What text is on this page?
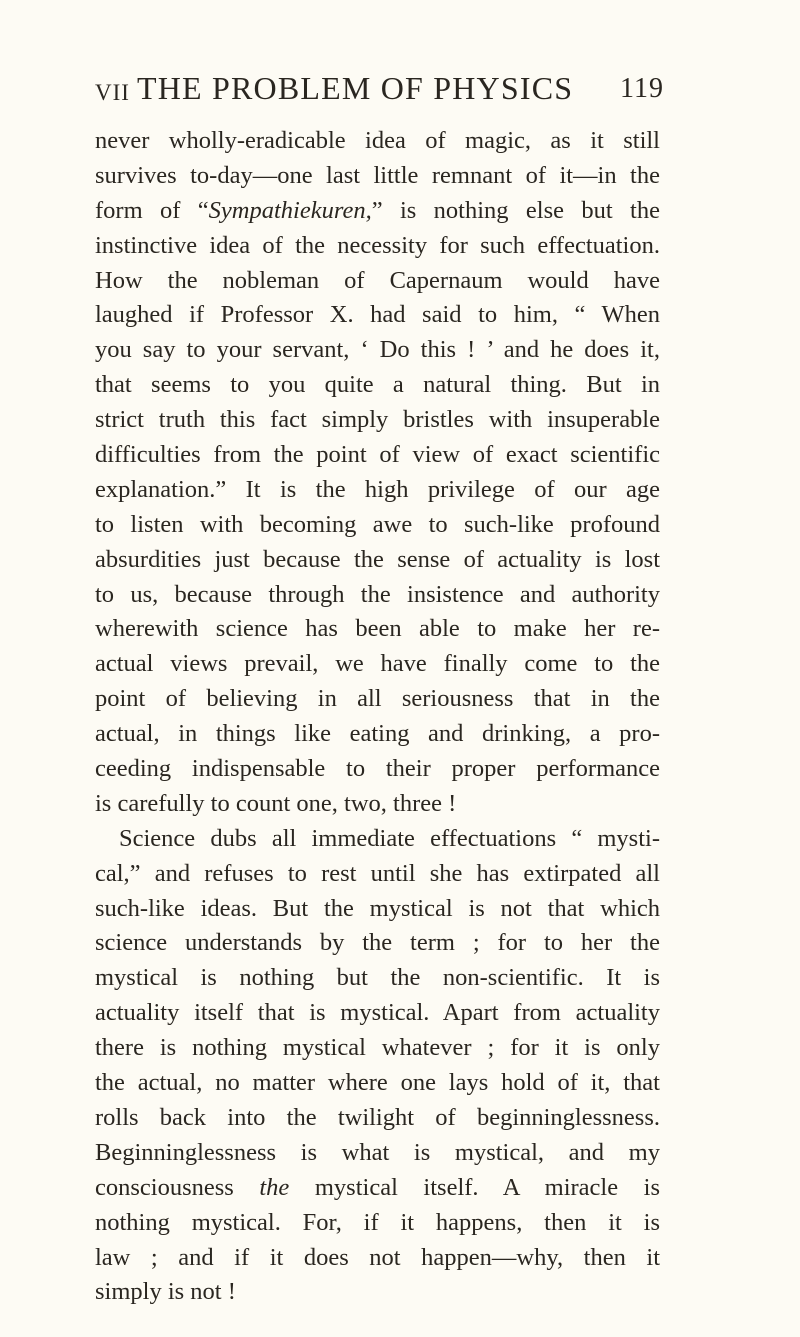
VII THE PROBLEM OF PHYSICS 119
never wholly-eradicable idea of magic, as it still
survives to-day—one last little remnant of it—in the
form of “Sympathiekuren,” is nothing else but the
instinctive idea of the necessity for such effectuation.
How the nobleman of Capernaum would have
laughed if Professor X. had said to him, “ When
you say to your servant, ‘ Do this ! ’ and he does it,
that seems to you quite a natural thing. But in
strict truth this fact simply bristles with insuperable
difficulties from the point of view of exact scientific
explanation.” It is the high privilege of our age
to listen with becoming awe to such-like profound
absurdities just because the sense of actuality is lost
to us, because through the insistence and authority
wherewith science has been able to make her re-
actual views prevail, we have finally come to the
point of believing in all seriousness that in the
actual, in things like eating and drinking, a pro-
ceeding indispensable to their proper performance
is carefully to count one, two, three !
Science dubs all immediate effectuations “ mysti-
cal,” and refuses to rest until she has extirpated all
such-like ideas. But the mystical is not that which
science understands by the term ; for to her the
mystical is nothing but the non-scientific. It is
actuality itself that is mystical. Apart from actuality
there is nothing mystical whatever ; for it is only
the actual, no matter where one lays hold of it, that
rolls back into the twilight of beginninglessness.
Beginninglessness is what is mystical, and my
consciousness the mystical itself. A miracle is
nothing mystical. For, if it happens, then it is
law ; and if it does not happen—why, then it
simply is not !
